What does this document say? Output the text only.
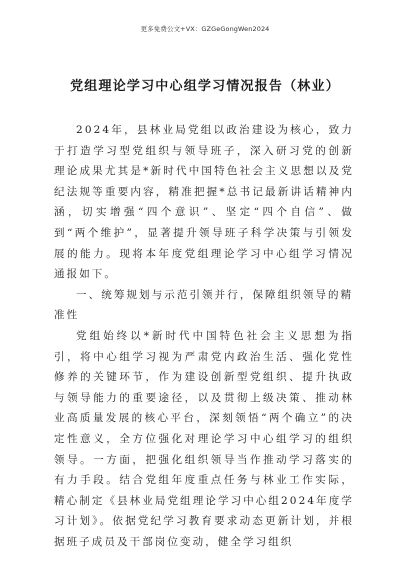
更多免费公文+VX：GZGeGongWen2024
党组理论学习中心组学习情况报告（林业）

2024年，县林业局党组以政治建设为核心，致力于打造学习型党组织与领导班子，深入研习党的创新理论成果尤其是*新时代中国特色社会主义思想以及党纪法规等重要内容，精准把握*总书记最新讲话精神内涵，切实增强“四个意识”、坚定“四个自信”、做到“两个维护”，显著提升领导班子科学决策与引领发展的能力。现将本年度党组理论学习中心组学习情况通报如下。

一、统筹规划与示范引领并行，保障组织领导的精准性

党组始终以*新时代中国特色社会主义思想为指引，将中心组学习视为严肃党内政治生活、强化党性修养的关键环节，作为建设创新型党组织、提升执政与领导能力的重要途径，以及贯彻上级决策、推动林业高质量发展的核心平台，深刻领悟“两个确立”的决定性意义，全方位强化对理论学习中心组学习的组织领导。一方面，把强化组织领导当作推动学习落实的有力手段。结合党组年度重点任务与林业工作实际，精心制定《县林业局党组理论学习中心组2024年度学习计划》。依据党纪学习教育要求动态更新计划，并根据班子成员及干部岗位变动，健全学习组织
